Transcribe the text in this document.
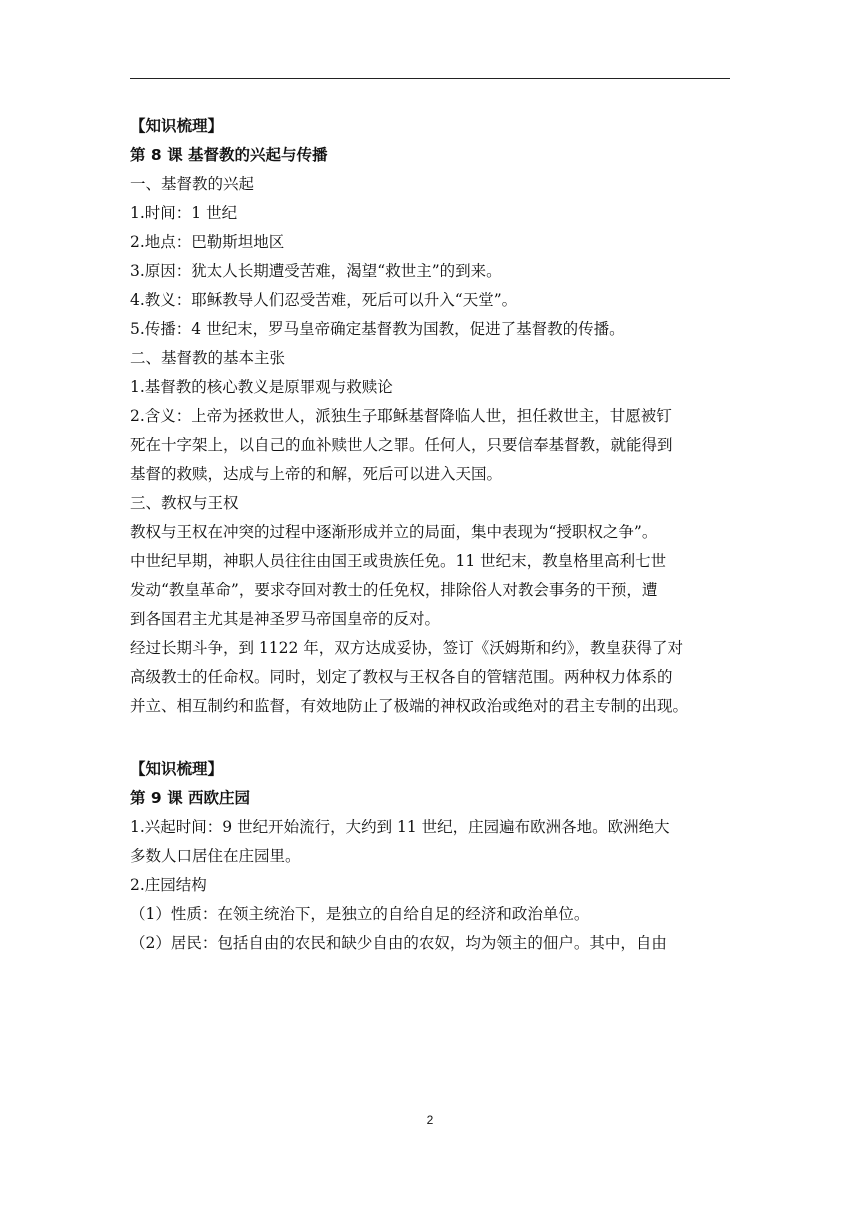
【知识梳理】
第 8 课 基督教的兴起与传播
一、基督教的兴起
1.时间：1 世纪
2.地点：巴勒斯坦地区
3.原因：犹太人长期遭受苦难，渴望“救世主”的到来。
4.教义：耶稣教导人们忍受苦难，死后可以升入“天堂”。
5.传播：4 世纪末，罗马皇帝确定基督教为国教，促进了基督教的传播。
二、基督教的基本主张
1.基督教的核心教义是原罪观与救赎论
2.含义：上帝为拯救世人，派独生子耶稣基督降临人世，担任救世主，甘愿被钉
死在十字架上，以自己的血补赎世人之罪。任何人，只要信奉基督教，就能得到
基督的救赎，达成与上帝的和解，死后可以进入天国。
三、教权与王权
教权与王权在冲突的过程中逐渐形成并立的局面，集中表现为“授职权之争”。
中世纪早期，神职人员往往由国王或贵族任免。11 世纪末，教皇格里高利七世
发动“教皇革命”，要求夺回对教士的任免权，排除俗人对教会事务的干预，遭
到各国君主尤其是神圣罗马帝国皇帝的反对。
经过长期斗争，到 1122 年，双方达成妥协，签订《沃姆斯和约》，教皇获得了对
高级教士的任命权。同时，划定了教权与王权各自的管辖范围。两种权力体系的
并立、相互制约和监督，有效地防止了极端的神权政治或绝对的君主专制的出现。
【知识梳理】
第 9 课 西欧庄园
1.兴起时间：9 世纪开始流行，大约到 11 世纪，庄园遍布欧洲各地。欧洲绝大
多数人口居住在庄园里。
2.庄园结构
（1）性质：在领主统治下，是独立的自给自足的经济和政治单位。
（2）居民：包括自由的农民和缺少自由的农奴，均为领主的佃户。其中，自由
2
